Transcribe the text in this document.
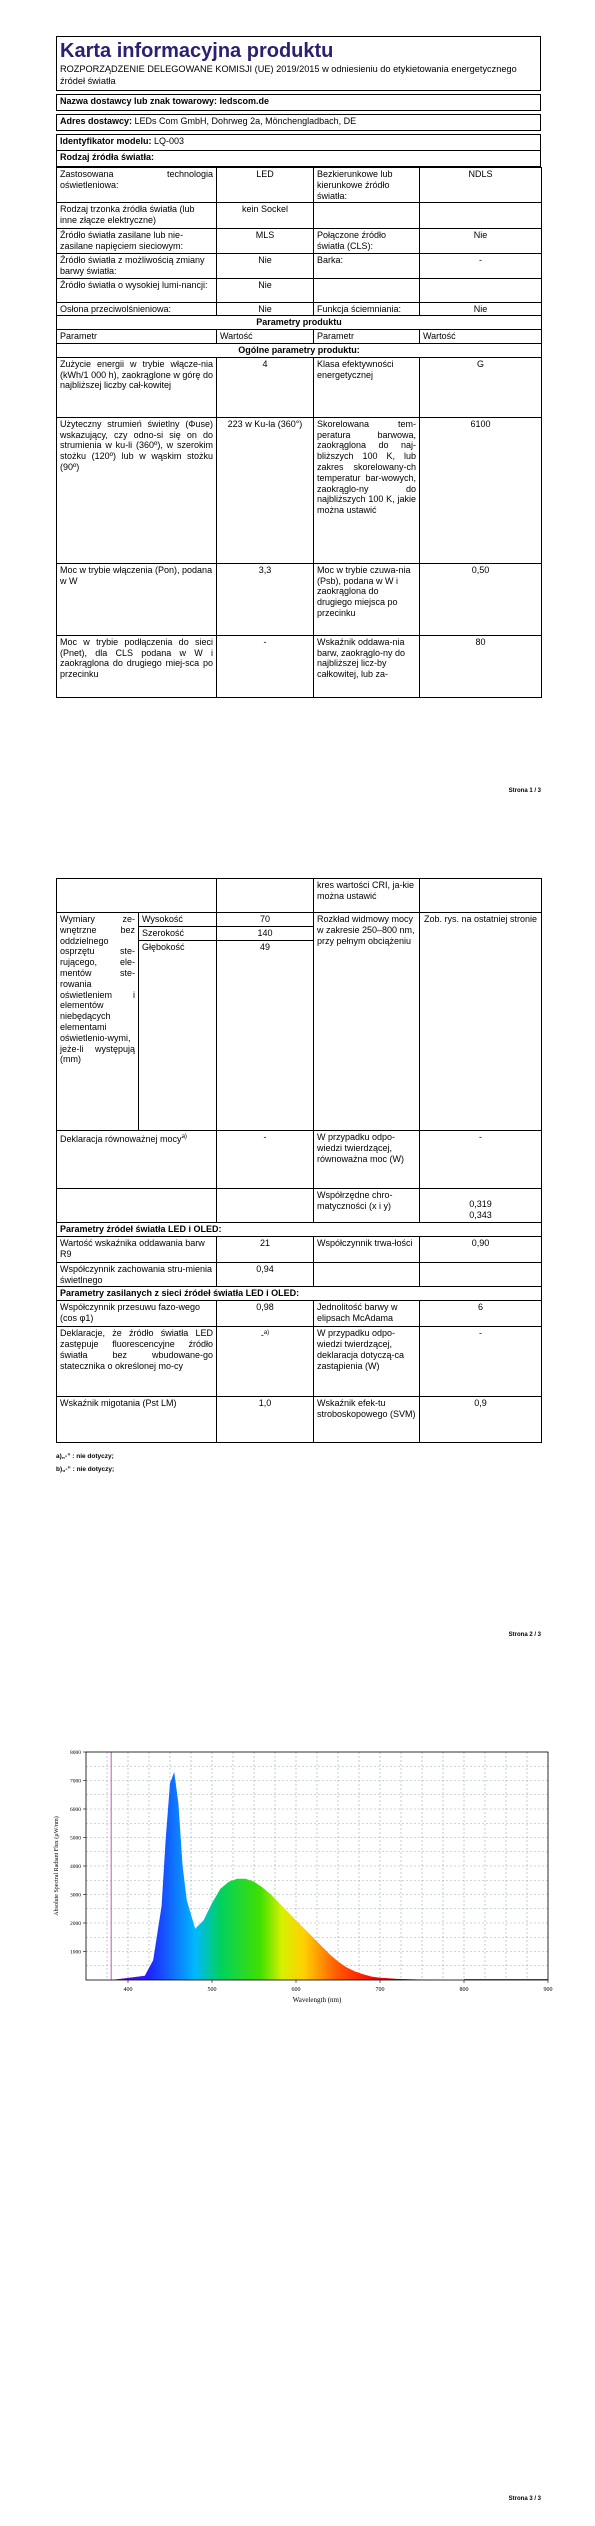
Karta informacyjna produktu
ROZPORZĄDZENIE DELEGOWANE KOMISJI (UE) 2019/2015 w odniesieniu do etykietowania energetycznego źródeł światła
Nazwa dostawcy lub znak towarowy: ledscom.de
Adres dostawcy: LEDs Com GmbH, Dohrweg 2a, Mönchengladbach, DE
Identyfikator modelu: LQ-003
Rodzaj źródła światła:
Zastosowana technologia oświetleniowa:	LED	Bezkierunkowe lub kierunkowe źródło światła:	NDLS
Rodzaj trzonka źródła światła (lub inne złącze elektryczne)	kein Sockel		
Źródło światła zasilane lub nie-zasilane napięciem sieciowym:	MLS	Połączone źródło światła (CLS):	Nie
Źródło światła z możliwością zmiany barwy światła:	Nie	Barka:	-
Źródło światła o wysokiej lumi-nancji:	Nie		
Osłona przeciwolśnieniowa:	Nie	Funkcja ściemniania:	Nie
Parametry produktu			
Parametr	Wartość	Parametr	Wartość
Ogólne parametry produktu:			
Zużycie energii w trybie włącze-nia (kWh/1 000 h), zaokrąglone w górę do najbliższej liczby cał-kowitej	4	Klasa efektywności energetycznej	G
Użyteczny strumień świetlny (Φuse) wskazujący, czy odno-si się on do strumienia w ku-li (360º), w szerokim stożku (120º) lub w wąskim stożku (90º)	223 w Ku-la (360°)	Skorelowana tem-peratura barwowa, zaokrąglona do naj-bliższych 100 K, lub zakres skorelowany-ch temperatur bar-wowych, zaokrąglo-ny do najbliższych 100 K, jakie można ustawić	6100
Moc w trybie włączenia (Pon), podana w W	3,3	Moc w trybie czuwa-nia (Psb), podana w W i zaokrąglona do drugiego miejsca po przecinku	0,50
Moc w trybie podłączenia do sieci (Pnet), dla CLS podana w W i zaokrąglona do drugiego miej-sca po przecinku	-	Wskaźnik oddawa-nia barw, zaokrąglo-ny do najbliższej licz-by całkowitej, lub za-	80
Strona 1 / 3
			kres wartości CRI, ja-kie można ustawić	
Wymiary ze-wnętrzne bez oddzielnego osprzętu ste-rującego, ele-mentów ste-rowania oświetleniem i elementów niebędących elementami oświetlenio-wymi, jeże-li występują (mm)	Wysokość	70	Rozkład widmowy mocy w zakresie 250–800 nm, przy pełnym obciążeniu	Zob. rys. na ostatniej stronie
	Szerokość	140		
	Głębokość	49		
Deklaracja równoważnej mocy$^{a)}$		-	W przypadku odpo-wiedzi twierdzącej, równoważna moc (W)	-
			Współrzędne chro-matyczności (x i y)	0,319
0,343

Parametry źródeł światła LED i OLED:				
Wartość wskaźnika oddawania barw R9		21	Współczynnik trwa-łości	0,90
Współczynnik zachowania stru-mienia świetlnego		0,94		
Parametry zasilanych z sieci źródeł światła LED i OLED:				
Współczynnik przesuwu fazo-wego (cos φ1)		0,98	Jednolitość barwy w elipsach McAdama	6
Deklaracje, że źródło światła LED zastępuje fluorescencyjne źródło światła bez wbudowane-go statecznika o określonej mo-cy		-$^{a)}$	W przypadku odpo-wiedzi twierdzącej, deklaracja dotyczą-ca zastąpienia (W)	-
Wskaźnik migotania (Pst LM)		1,0	Wskaźnik efek-tu stroboskopowego (SVM)	0,9
a)„-” : nie dotyczy;
b)„-” : nie dotyczy;
Strona 2 / 3
400	500	600	700	800	900
1000
2000
3000
4000
5000
6000
7000
8000
Wavelength (nm)
Absolute Spectral Radiant Flux (µW/nm)
Strona 3 / 3
